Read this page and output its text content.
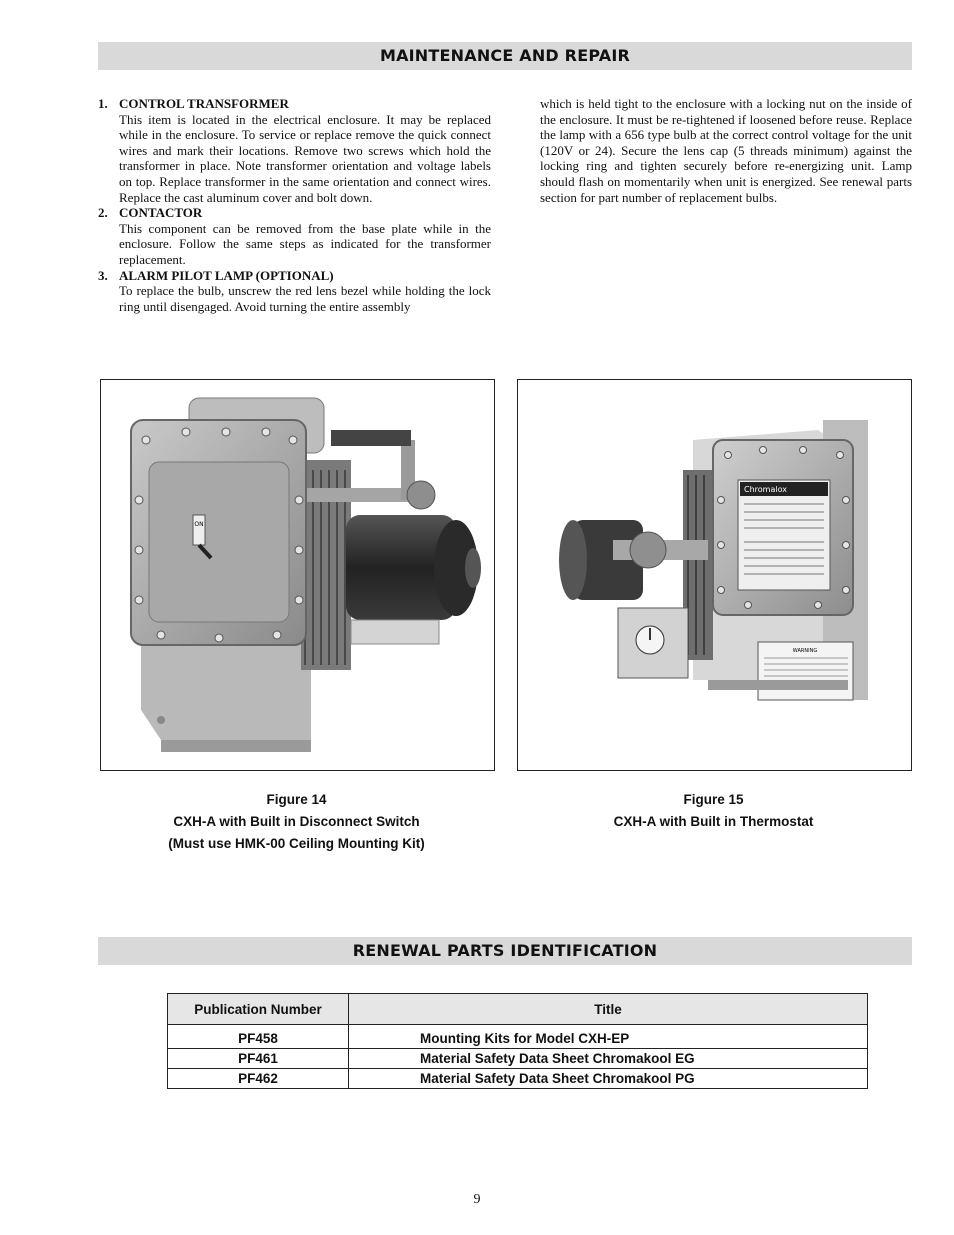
MAINTENANCE AND REPAIR
1. CONTROL TRANSFORMER
This item is located in the electrical enclosure. It may be replaced while in the enclosure. To service or replace remove the quick connect wires and mark their locations. Remove two screws which hold the transformer in place. Note transformer orientation and voltage labels on top. Replace transformer in the same orientation and connect wires. Replace the cast aluminum cover and bolt down.
2. CONTACTOR
This component can be removed from the base plate while in the enclosure. Follow the same steps as indicated for the transformer replacement.
3. ALARM PILOT LAMP (OPTIONAL)
To replace the bulb, unscrew the red lens bezel while holding the lock ring until disengaged. Avoid turning the entire assembly
which is held tight to the enclosure with a locking nut on the inside of the enclosure. It must be re-tightened if loosened before reuse. Replace the lamp with a 656 type bulb at the correct control voltage for the unit (120V or 24). Secure the lens cap (5 threads minimum) against the locking ring and tighten securely before re-energizing unit. Lamp should flash on momentarily when unit is energized. See renewal parts section for part number of replacement bulbs.
ON
Chromalox
WARNING
Figure 14
CXH-A with Built in Disconnect Switch
(Must use HMK-00 Ceiling Mounting Kit)
Figure 15
CXH-A with Built in Thermostat
RENEWAL PARTS IDENTIFICATION
Publication Number	Title

PF458	Mounting Kits for Model CXH-EP
PF461	Material Safety Data Sheet Chromakool EG
PF462	Material Safety Data Sheet Chromakool PG
9
